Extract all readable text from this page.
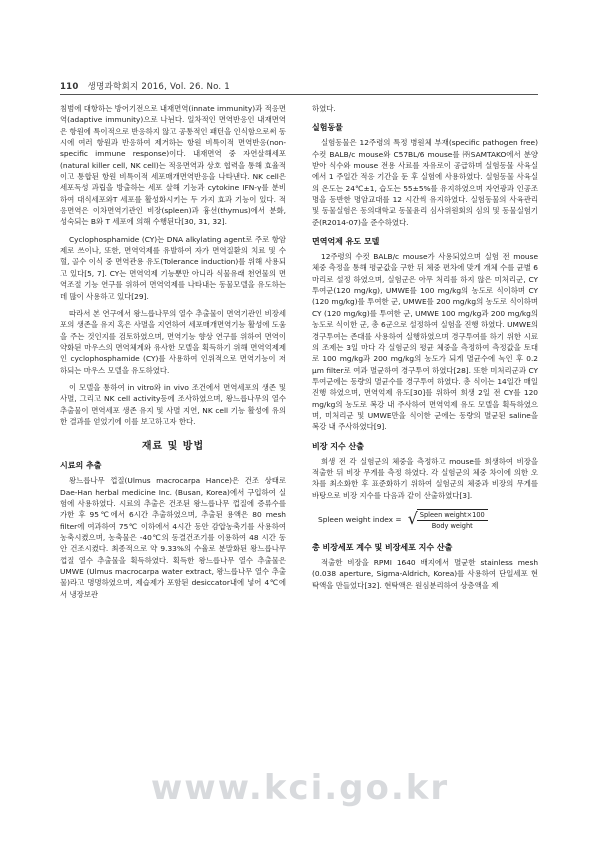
110 생명과학회지 2016, Vol. 26. No. 1

침범에 대항하는 방어기전으로 내재면역(innate immunity)과 적응면역(adaptive immunity)으로 나뉜다. 일차적인 면역반응인 내재면역은 항원에 특이적으로 반응하지 않고 공통적인 패턴을 인식함으로써 동시에 여러 항원과 반응하여 제거하는 항원 비특이적 면역반응(non-specific immune response)이다. 내재면역 중 자연살해세포(natural killer cell, NK cell)는 적응면역과 상호 협력을 통해 효율적이고 통합된 항원 비특이적 세포매개면역반응을 나타낸다. NK cell은 세포독성 과립을 방출하는 세포 살해 기능과 cytokine IFN-γ를 분비하여 대식세포와T 세포를 활성화시키는 두 가지 효과 기능이 있다. 적응면역은 이차면역기관인 비장(spleen)과 흉선(thymus)에서 분화, 성숙되는 B와 T 세포에 의해 수행된다[30, 31, 32].

Cyclophosphamide (CY)는 DNA alkylating agent로 주로 항암제로 쓰이나, 또한, 면역억제를 유발하여 자가 면역질환의 치료 및 수혈, 골수 이식 중 면역관용 유도(Tolerance induction)를 위해 사용되고 있다[5, 7]. CY는 면역억제 기능뿐만 아니라 식물유래 천연물의 면역조절 기능 연구를 위하여 면역억제를 나타내는 동물모델을 유도하는데 많이 사용하고 있다[29].

따라서 본 연구에서 왕느릅나무의 열수 추출물이 면역기관인 비장세포의 생존을 유지 혹은 사멸을 지연하여 세포매개면역기능 활성에 도움을 주는 것인지를 검토하였으며, 면역기능 향상 연구를 위하여 면역이 약화된 마우스의 면역체계와 유사한 모델을 획득하기 위해 면역억제제인 cyclophosphamide (CY)를 사용하여 인위적으로 면역기능이 저하되는 마우스 모델을 유도하였다.

이 모델을 통하여 in vitro와 in vivo 조건에서 면역세포의 생존 및 사멸, 그리고 NK cell activity등에 조사하였으며, 왕느릅나무의 열수 추출물이 면역세포 생존 유지 및 사멸 지연, NK cell 기능 활성에 유의한 결과를 얻었기에 이를 보고하고자 한다.

재료 및 방법
시료의 추출

왕느릅나무 껍질(Ulmus macrocarpa Hance)은 건조 상태로 Dae-Han herbal medicine Inc. (Busan, Korea)에서 구입하여 실험에 사용하였다. 시료의 추출은 건조된 왕느릅나무 껍질에 증류수를 가한 후 95℃에서 6시간 추출하였으며, 추출된 용액은 80 mesh filter에 여과하여 75℃ 이하에서 4시간 동안 감압농축기를 사용하여 농축시켰으며, 농축물은 -40℃의 동결건조기를 이용하여 48 시간 동안 건조시켰다. 최종적으로 약 9.33%의 수율로 분말화된 왕느릅나무 껍질 열수 추출물을 획득하였다. 획득한 왕느릅나무 열수 추출물은 UMWE (Ulmus macrocarpa water extract, 왕느릅나무 열수 추출물)라고 명명하였으며, 제습제가 포함된 desiccator내에 넣어 4℃에서 냉장보관

하였다.

실험동물

실험동물은 12주령의 특정 병원체 부재(specific pathogen free) 수컷 BALB/c mouse와 C57BL/6 mouse를 ㈜SAMTAKO에서 분양 받아 식수와 mouse 전용 사료를 자유로이 공급하며 실험동물 사육실에서 1 주일간 적응 기간을 둔 후 실험에 사용하였다. 실험동물 사육실의 온도는 24℃±1, 습도는 55±5%를 유지하였으며 자연광과 인공조명을 동반한 명암교대를 12 시간씩 유지하였다. 실험동물의 사육관리 및 동물실험은 동의대학교 동물윤리 심사위원회의 심의 및 동물실험기준(R2014-07)을 준수하였다.

면역억제 유도 모델

12주령의 수컷 BALB/c mouse가 사용되었으며 실험 전 mouse 체중 측정을 통해 평균값을 구한 뒤 체중 편차에 맞게 개체 수를 균별 6마리로 설정 하였으며, 실험군은 아무 처리를 하지 않은 미처리군, CY 투여군(120 mg/kg), UMWE를 100 mg/kg의 농도로 식이하며 CY (120 mg/kg)를 투여한 군, UMWE를 200 mg/kg의 농도로 식이하며 CY (120 mg/kg)를 투여한 군, UMWE 100 mg/kg과 200 mg/kg의 농도로 식이한 군, 총 6군으로 설정하여 실험을 진행 하였다. UMWE의 경구투여는 존대를 사용하여 실행하였으며 경구투여를 하기 위한 시료의 조제는 3일 마다 각 실험군의 평균 체중을 측정하여 측정값을 토대로 100 mg/kg과 200 mg/kg의 농도가 되게 멸균수에 녹인 후 0.2 μm filter로 여과 멸균하여 경구투여 하였다[28]. 또한 미처리군과 CY 투여군에는 동량의 멸균수를 경구투여 하였다. 총 식이는 14일간 매일 진행 하였으며, 면역억제 유도[30]를 위하여 희생 2일 전 CY를 120 mg/kg의 농도로 복강 내 주사하여 면역억제 유도 모델을 획득하였으며, 미처리군 및 UMWE만을 식이한 군에는 동량의 멸균된 saline을 복강 내 주사하였다[9].

비장 지수 산출

희생 전 각 실험군의 체중을 측정하고 mouse를 희생하여 비장을 적출한 뒤 비장 무게를 측정 하였다. 각 실험군의 체중 차이에 의한 오차를 최소화한 후 표준화하기 위하여 실험군의 체중과 비장의 무게를 바탕으로 비장 지수를 다음과 같이 산출하였다[3].

Spleen weight index = √ $\frac{\text{Spleen weight×100}}{\text{Body weight}}$
총 비장세포 계수 및 비장세포 지수 산출

적출한 비장을 RPMI 1640 배지에서 멸균한 stainless mesh (0.038 aperture, Sigma-Aldrich, Korea)를 사용하여 단일세포 현탁액을 만들었다[32]. 현탁액은 원심분리하여 상층액을 제

www.kci.go.kr
